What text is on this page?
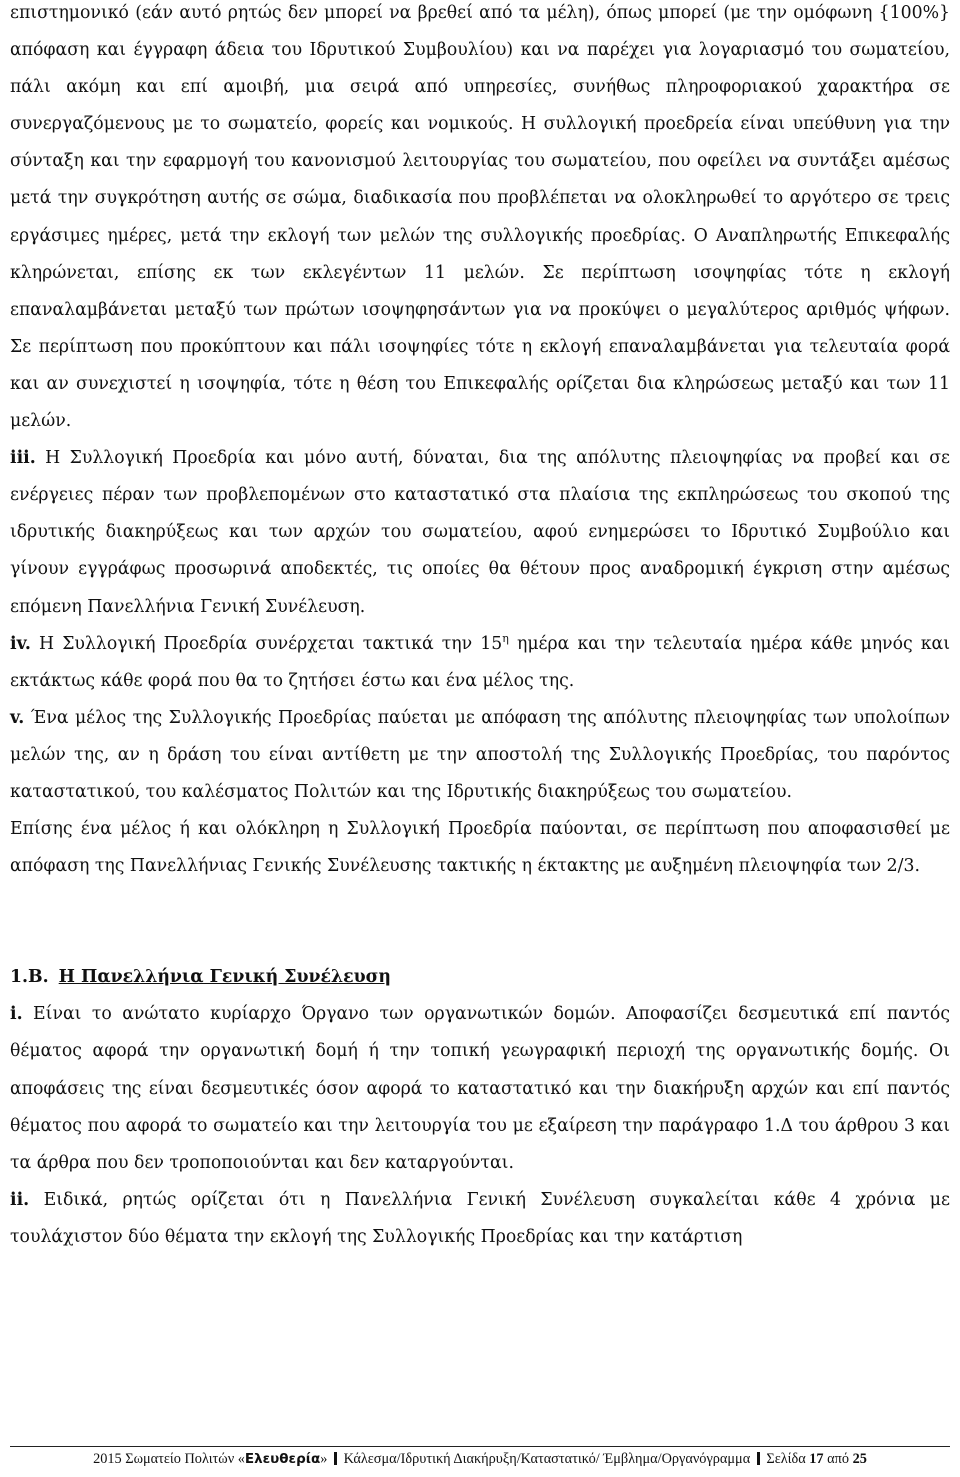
επιστημονικό (εάν αυτό ρητώς δεν μπορεί να βρεθεί από τα μέλη), όπως μπορεί (με την ομόφωνη {100%} απόφαση και έγγραφη άδεια του Ιδρυτικού Συμβουλίου) και να παρέχει για λογαριασμό του σωματείου, πάλι ακόμη και επί αμοιβή, μια σειρά από υπηρεσίες, συνήθως πληροφοριακού χαρακτήρα σε συνεργαζόμενους με το σωματείο, φορείς και νομικούς. Η συλλογική προεδρεία είναι υπεύθυνη για την σύνταξη και την εφαρμογή του κανονισμού λειτουργίας του σωματείου, που οφείλει να συντάξει αμέσως μετά την συγκρότηση αυτής σε σώμα, διαδικασία που προβλέπεται να ολοκληρωθεί το αργότερο σε τρεις εργάσιμες ημέρες, μετά την εκλογή των μελών της συλλογικής προεδρίας. Ο Αναπληρωτής Επικεφαλής κληρώνεται, επίσης εκ των εκλεγέντων 11 μελών. Σε περίπτωση ισοψηφίας τότε η εκλογή επαναλαμβάνεται μεταξύ των πρώτων ισοψηφησάντων για να προκύψει ο μεγαλύτερος αριθμός ψήφων. Σε περίπτωση που προκύπτουν και πάλι ισοψηφίες τότε η εκλογή επαναλαμβάνεται για τελευταία φορά και αν συνεχιστεί η ισοψηφία, τότε η θέση του Επικεφαλής ορίζεται δια κληρώσεως μεταξύ και των 11 μελών.

iii. Η Συλλογική Προεδρία και μόνο αυτή, δύναται, δια της απόλυτης πλειοψηφίας να προβεί και σε ενέργειες πέραν των προβλεπομένων στο καταστατικό στα πλαίσια της εκπληρώσεως του σκοπού της ιδρυτικής διακηρύξεως και των αρχών του σωματείου, αφού ενημερώσει το Ιδρυτικό Συμβούλιο και γίνουν εγγράφως προσωρινά αποδεκτές, τις οποίες θα θέτουν προς αναδρομική έγκριση στην αμέσως επόμενη Πανελλήνια Γενική Συνέλευση.

iv. Η Συλλογική Προεδρία συνέρχεται τακτικά την $15^\eta$ ημέρα και την τελευταία ημέρα κάθε μηνός και εκτάκτως κάθε φορά που θα το ζητήσει έστω και ένα μέλος της.

v. Ένα μέλος της Συλλογικής Προεδρίας παύεται με απόφαση της απόλυτης πλειοψηφίας των υπολοίπων μελών της, αν η δράση του είναι αντίθετη με την αποστολή της Συλλογικής Προεδρίας, του παρόντος καταστατικού, του καλέσματος Πολιτών και της Ιδρυτικής διακηρύξεως του σωματείου.

Επίσης ένα μέλος ή και ολόκληρη η Συλλογική Προεδρία παύονται, σε περίπτωση που αποφασισθεί με απόφαση της Πανελλήνιας Γενικής Συνέλευσης τακτικής η έκτακτης με αυξημένη πλειοψηφία των 2/3.

1.Β. Η Πανελλήνια Γενική Συνέλευση

i. Είναι το ανώτατο κυρίαρχο Όργανο των οργανωτικών δομών. Αποφασίζει δεσμευτικά επί παντός θέματος αφορά την οργανωτική δομή ή την τοπική γεωγραφική περιοχή της οργανωτικής δομής. Οι αποφάσεις της είναι δεσμευτικές όσον αφορά το καταστατικό και την διακήρυξη αρχών και επί παντός θέματος που αφορά το σωματείο και την λειτουργία του με εξαίρεση την παράγραφο 1.Δ του άρθρου 3 και τα άρθρα που δεν τροποποιούνται και δεν καταργούνται.

ii. Ειδικά, ρητώς ορίζεται ότι η Πανελλήνια Γενική Συνέλευση συγκαλείται κάθε 4 χρόνια με τουλάχιστον δύο θέματα την εκλογή της Συλλογικής Προεδρίας και την κατάρτιση

2015 Σωματείο Πολιτών «Ελευθερία»  Κάλεσμα/Ιδρυτική Διακήρυξη/Καταστατικό/ Έμβλημα/Οργανόγραμμα  Σελίδα 17 από 25
